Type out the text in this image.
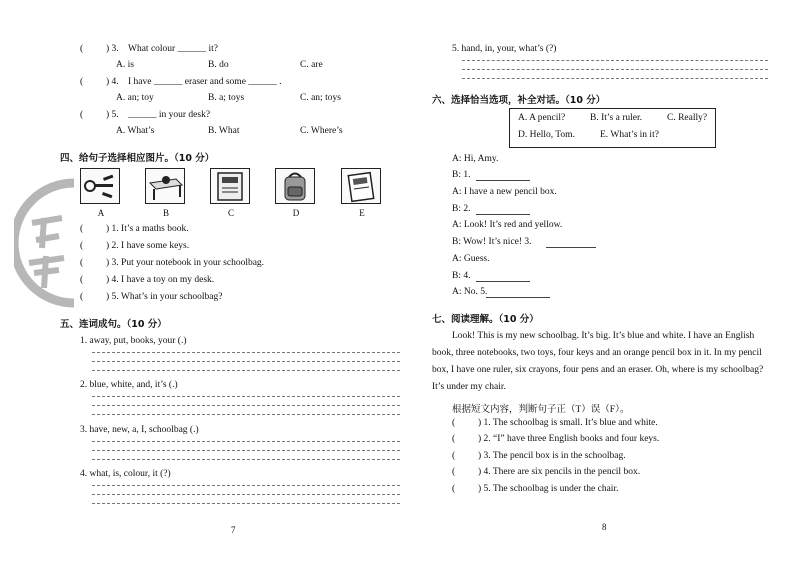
( ) 3. What colour ______ it?
A. is	B. do	C. are
( ) 4. I have ______ eraser and some ______ .
A. an; toy	B. a; toys	C. an; toys
( ) 5. ______ in your desk?
A. What’s	B. What	C. Where’s
四、给句子选择相应图片。（10 分）
A	B	C	D	E
( ) 1. It’s a maths book.
( ) 2. I have some keys.
( ) 3. Put your notebook in your schoolbag.
( ) 4. I have a toy on my desk.
( ) 5. What’s in your schoolbag?
五、连词成句。（10 分）
1. away, put, books, your (.)
2. blue, white, and, it’s (.)
3. have, new, a, I, schoolbag (.)
4. what, is, colour, it (?)
7
5. hand, in, your, what’s (?)
六、选择恰当选项，补全对话。（10 分）
A. A pencil?	B. It’s a ruler.	C. Really?
D. Hello, Tom.	E. What’s in it?
A: Hi, Amy.
B: 1.
A: I have a new pencil box.
B: 2.
A: Look! It’s red and yellow.
B: Wow! It’s nice! 3.
A: Guess.
B: 4.
A: No. 5.
七、阅读理解。（10 分）
Look! This is my new schoolbag. It’s big. It’s blue and white. I have an English
book, three notebooks, two toys, four keys and an orange pencil box in it. In my pencil
box, I have one ruler, six crayons, four pens and an eraser. Oh, where is my schoolbag?
It’s under my chair.
根据短文内容，判断句子正（T）误（F）。
( ) 1. The schoolbag is small. It’s blue and white.
( ) 2. “I” have three English books and four keys.
( ) 3. The pencil box is in the schoolbag.
( ) 4. There are six pencils in the pencil box.
( ) 5. The schoolbag is under the chair.
8
